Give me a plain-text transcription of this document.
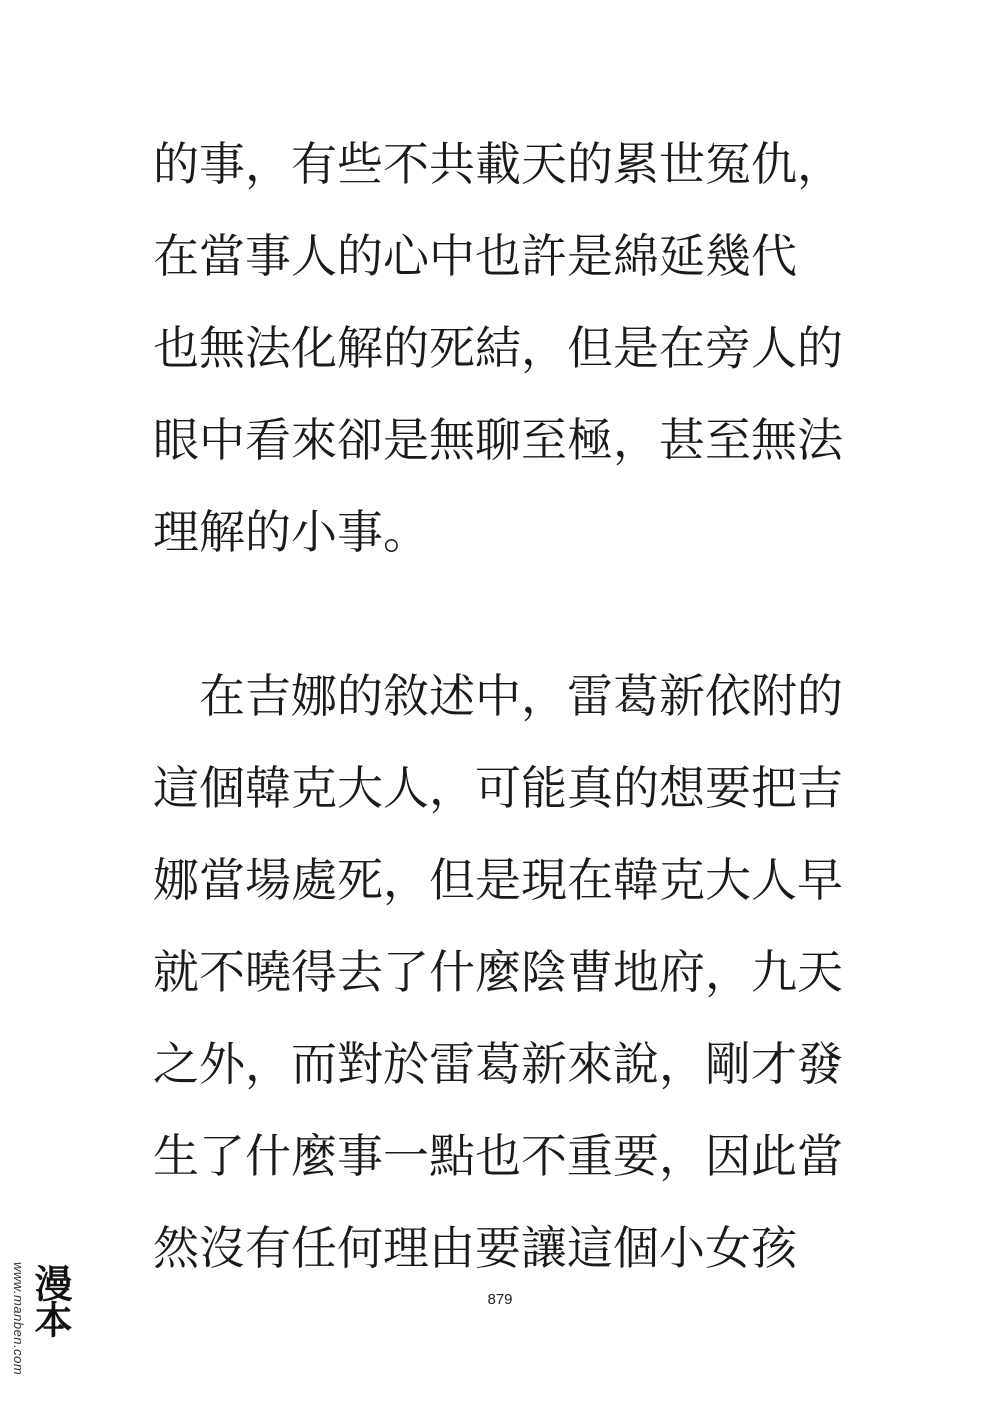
的事，有些不共載天的累世冤仇，
在當事人的心中也許是綿延幾代
也無法化解的死結，但是在旁人的
眼中看來卻是無聊至極，甚至無法
理解的小事。
　在吉娜的敘述中，雷葛新依附的
這個韓克大人，可能真的想要把吉
娜當場處死，但是現在韓克大人早
就不曉得去了什麼陰曹地府，九天
之外，而對於雷葛新來說，剛才發
生了什麼事一點也不重要，因此當
然沒有任何理由要讓這個小女孩
879
www.manben.com 漫本
